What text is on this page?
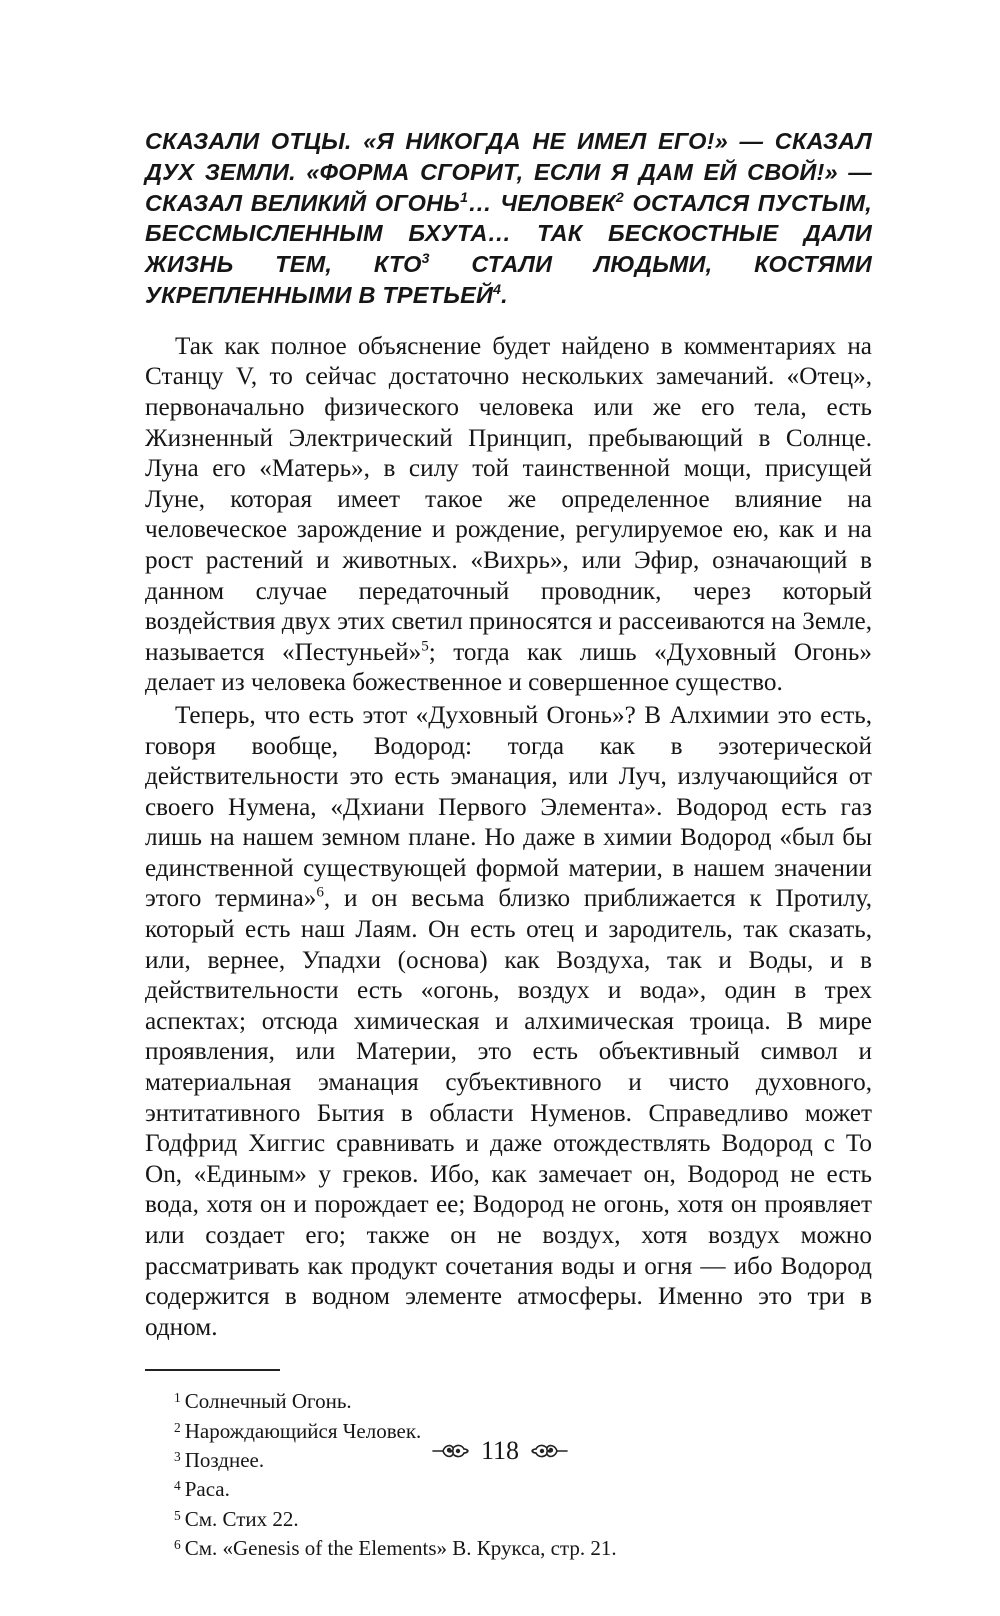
СКАЗАЛИ ОТЦЫ. «Я НИКОГДА НЕ ИМЕЛ ЕГО!» — СКАЗАЛ ДУХ ЗЕМЛИ. «ФОРМА СГОРИТ, ЕСЛИ Я ДАМ ЕЙ СВОЙ!» — СКАЗАЛ ВЕЛИКИЙ ОГОНЬ$^1$… ЧЕЛОВЕК$^2$ ОСТАЛСЯ ПУСТЫМ, БЕССМЫСЛЕННЫМ БХУТА… ТАК БЕСКОСТНЫЕ ДАЛИ ЖИЗНЬ ТЕМ, КТО$^3$ СТАЛИ ЛЮДЬМИ, КОСТЯМИ УКРЕПЛЕННЫМИ В ТРЕТЬЕЙ$^4$.

Так как полное объяснение будет найдено в комментариях на Станцу V, то сейчас достаточно нескольких замечаний. «Отец», первоначально физического человека или же его тела, есть Жизненный Электрический Принцип, пребывающий в Солнце. Луна его «Матерь», в силу той таинственной мощи, присущей Луне, которая имеет такое же определенное влияние на человеческое зарождение и рождение, регулируемое ею, как и на рост растений и животных. «Вихрь», или Эфир, означающий в данном случае передаточный проводник, через который воздействия двух этих светил приносятся и рассеиваются на Земле, называется «Пестуньей»$^5$; тогда как лишь «Духовный Огонь» делает из человека божественное и совершенное существо.

Теперь, что есть этот «Духовный Огонь»? В Алхимии это есть, говоря вообще, Водород: тогда как в эзотерической действительности это есть эманация, или Луч, излучающийся от своего Нумена, «Дхиани Первого Элемента». Водород есть газ лишь на нашем земном плане. Но даже в химии Водород «был бы единственной существующей формой материи, в нашем значении этого термина»$^6$, и он весьма близко приближается к Протилу, который есть наш Лаям. Он есть отец и зародитель, так сказать, или, вернее, Упадхи (основа) как Воздуха, так и Воды, и в действительности есть «огонь, воздух и вода», один в трех аспектах; отсюда химическая и алхимическая троица. В мире проявления, или Материи, это есть объективный символ и материальная эманация субъективного и чисто духовного, энтитативного Бытия в области Нуменов. Справедливо может Годфрид Хиггис сравнивать и даже отождествлять Водород с То On, «Единым» у греков. Ибо, как замечает он, Водород не есть вода, хотя он и порождает ее; Водород не огонь, хотя он проявляет или создает его; также он не воздух, хотя воздух можно рассматривать как продукт сочетания воды и огня — ибо Водород содержится в водном элементе атмосферы. Именно это три в одном.

$^1$ Солнечный Огонь.
$^2$ Нарождающийся Человек.
$^3$ Позднее.
$^4$ Раса.
$^5$ См. Стих 22.
$^6$ См. «Genesis of the Elements» В. Крукса, стр. 21.
118
